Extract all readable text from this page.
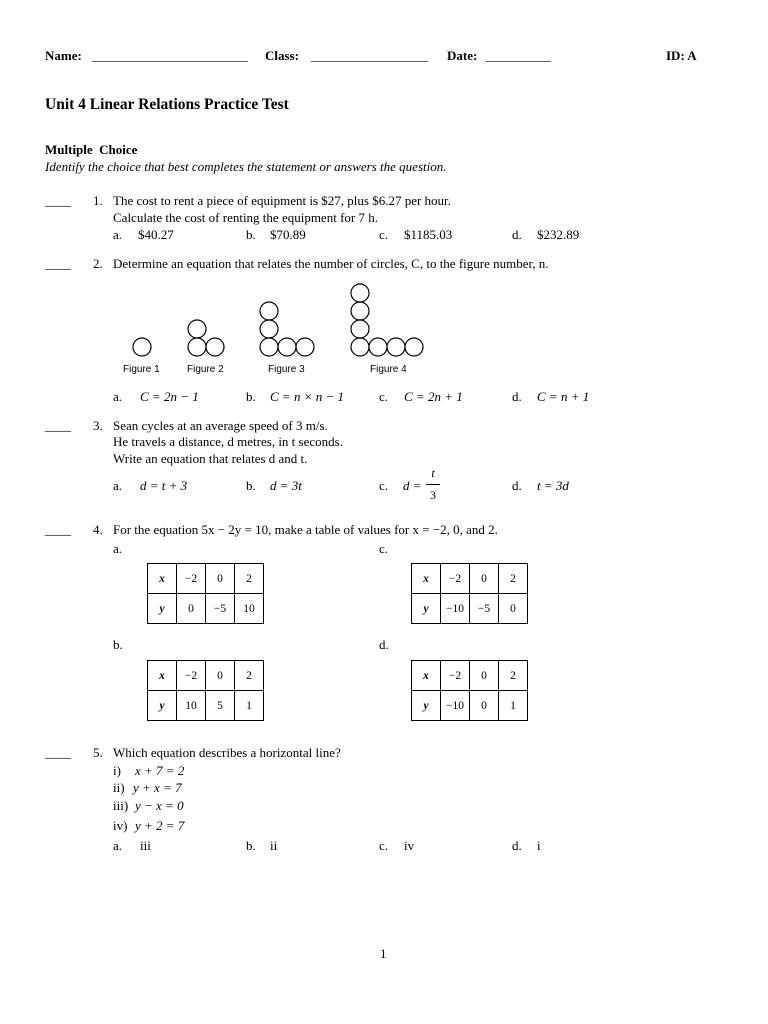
Name: ________________________ Class: __________________ Date: __________	ID: A
Unit 4 Linear Relations Practice Test
Multiple  Choice
Identify the choice that best completes the statement or answers the question.
____ 1. The cost to rent a piece of equipment is $27, plus $6.27 per hour.
Calculate the cost of renting the equipment for 7 h.
a. $40.27	b. $70.89	c. $1185.03	d. $232.89
____ 2. Determine an equation that relates the number of circles, C, to the figure number, n.
Figure 1	Figure 2	Figure 3	Figure 4
a. C = 2n − 1	b. C = n × n − 1	c. C = 2n + 1	d. C = n + 1
____ 3. Sean cycles at an average speed of 3 m/s.
He travels a distance, d metres, in t seconds.
Write an equation that relates d and t.
a. d = t + 3	b. d = 3t	c. d =
t
3
d. t = 3d
____ 4. For the equation 5x − 2y = 10, make a table of values for x = −2, 0, and 2.
a.
x	−2	0	2
y	0	−5	10
c.
x	−2	0	2
y	−10	−5	0
b.
x	−2	0	2
y	10	5	1
d.
x	−2	0	2
y	−10	0	1
____ 5. Which equation describes a horizontal line?
i) x + 7 = 2
ii) y + x = 7
iii) y − x = 0
iv) y + 2 = 7
a. iii	b. ii	c. iv	d. i
1
